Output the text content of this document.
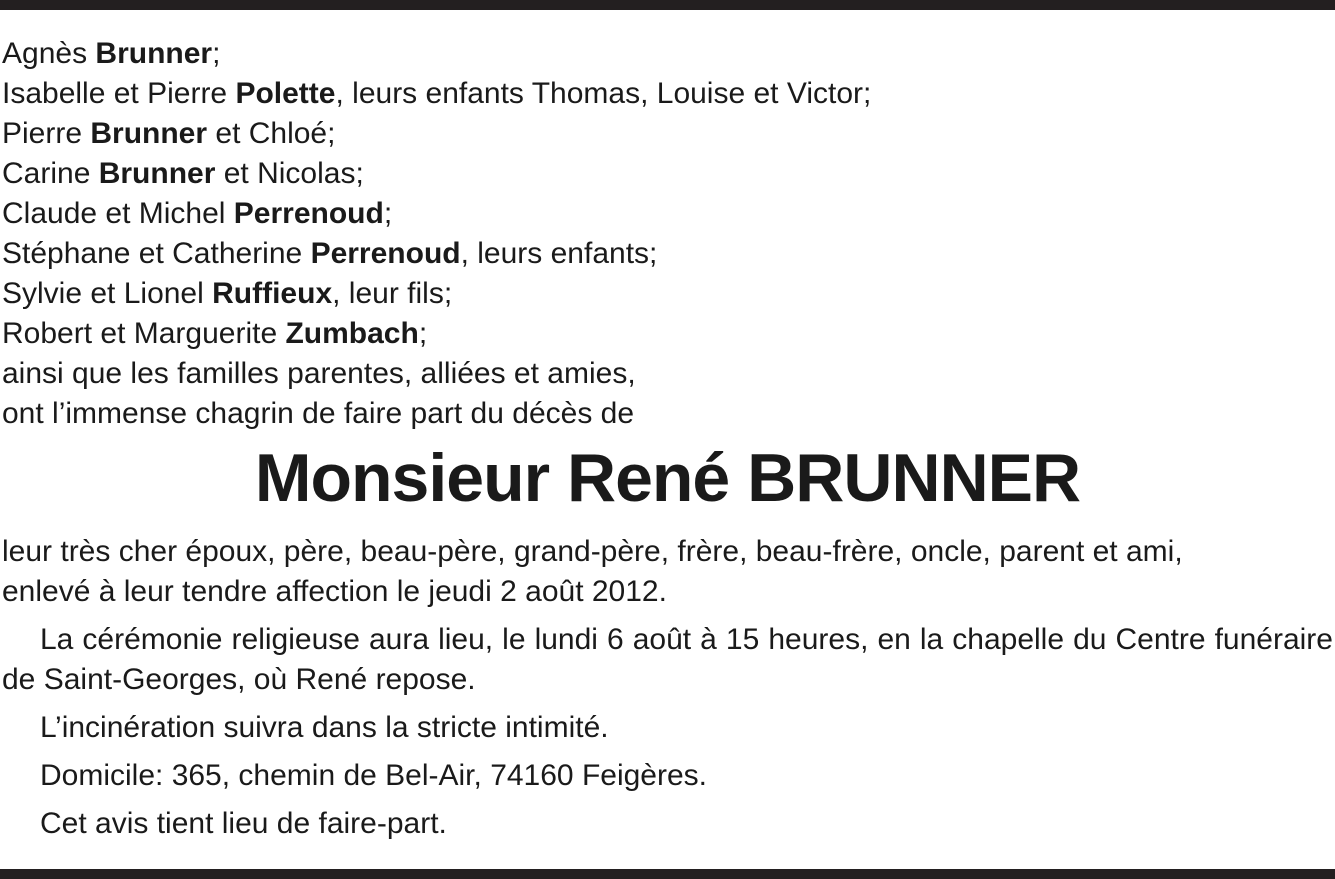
Agnès Brunner;
Isabelle et Pierre Polette, leurs enfants Thomas, Louise et Victor;
Pierre Brunner et Chloé;
Carine Brunner et Nicolas;
Claude et Michel Perrenoud;
Stéphane et Catherine Perrenoud, leurs enfants;
Sylvie et Lionel Ruffieux, leur fils;
Robert et Marguerite Zumbach;
ainsi que les familles parentes, alliées et amies,
ont l’immense chagrin de faire part du décès de
Monsieur René BRUNNER
leur très cher époux, père, beau-père, grand-père, frère, beau-frère, oncle, parent et ami,
enlevé à leur tendre affection le jeudi 2 août 2012.
La cérémonie religieuse aura lieu, le lundi 6 août à 15 heures, en la chapelle du Centre funéraire de Saint-Georges, où René repose.
L’incinération suivra dans la stricte intimité.
Domicile: 365, chemin de Bel-Air, 74160 Feigères.
Cet avis tient lieu de faire-part.
